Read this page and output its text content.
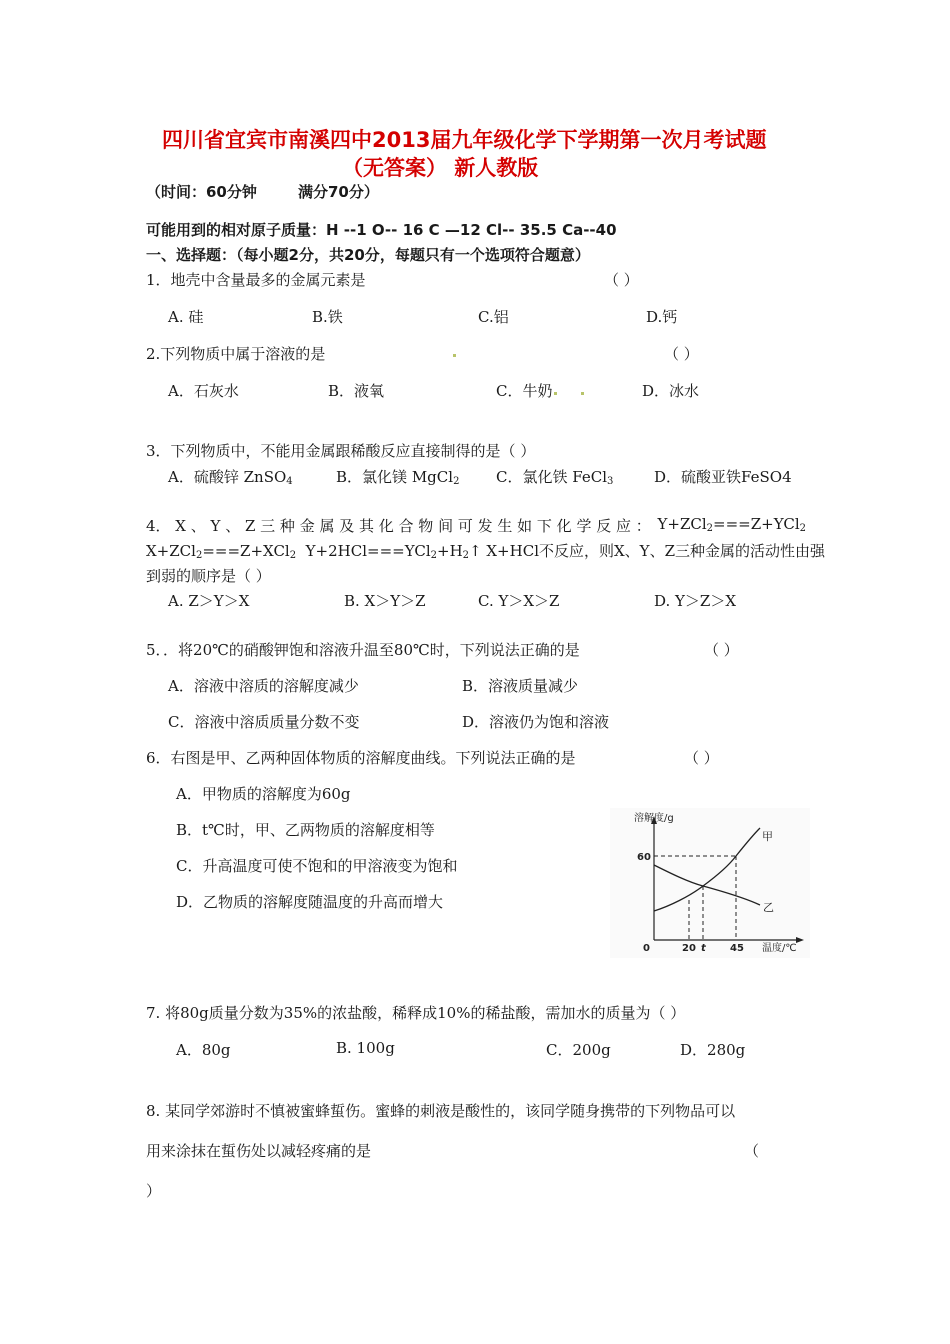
四川省宜宾市南溪四中2013届九年级化学下学期第一次月考试题
（无答案） 新人教版
（时间：60分钟	满分70分）
可能用到的相对原子质量：H --1 O-- 16 C —12 Cl-- 35.5 Ca--40
一、选择题：（每小题2分，共20分，每题只有一个选项符合题意）
1．地壳中含量最多的金属元素是	（ ）
A. 硅	B.铁	C.铝	D.钙
2.下列物质中属于溶液的是	（ ）
A．石灰水	B．液氧	C．牛奶	D．冰水
3．下列物质中，不能用金属跟稀酸反应直接制得的是（ ）
A．硫酸锌 ZnSO$_4$	B．氯化镁 MgCl$_2$ C．氯化铁 FeCl$_3$	D．硫酸亚铁FeSO4
4． X 、 Y 、 Z 三 种 金 属 及 其 化 合 物 间 可 发 生 如 下 化 学 反 应 ： Y+ZCl$_2$===Z+YCl$_2$
X+ZCl$_2$===Z+XCl$_2$ $Y+2HCl===YCl_2+H_2↑$ X+HCl不反应，则X、Y、Z三种金属的活动性由强
到弱的顺序是（ ）
A. Z＞Y＞X	B. X＞Y＞Z	C. Y＞X＞Z	D. Y＞Z＞X
5．．将20℃的硝酸钾饱和溶液升温至80℃时，下列说法正确的是	（ ）
A．溶液中溶质的溶解度减少	B．溶液质量减少
C．溶液中溶质质量分数不变	D．溶液仍为饱和溶液
6．右图是甲、乙两种固体物质的溶解度曲线。下列说法正确的是	（ ）
A．甲物质的溶解度为60g
B．t℃时，甲、乙两物质的溶解度相等
C．升高温度可使不饱和的甲溶液变为饱和
D．乙物质的溶解度随温度的升高而增大
溶解度/g
60
0	20 t 45 温度/℃
甲
乙
7. 将80g质量分数为35%的浓盐酸，稀释成10%的稀盐酸，需加水的质量为（ ）
A．80g	B. 100g	C．200g	D．280g
8. 某同学郊游时不慎被蜜蜂蜇伤。蜜蜂的刺液是酸性的，该同学随身携带的下列物品可以
用来涂抹在蜇伤处以减轻疼痛的是	（
）
